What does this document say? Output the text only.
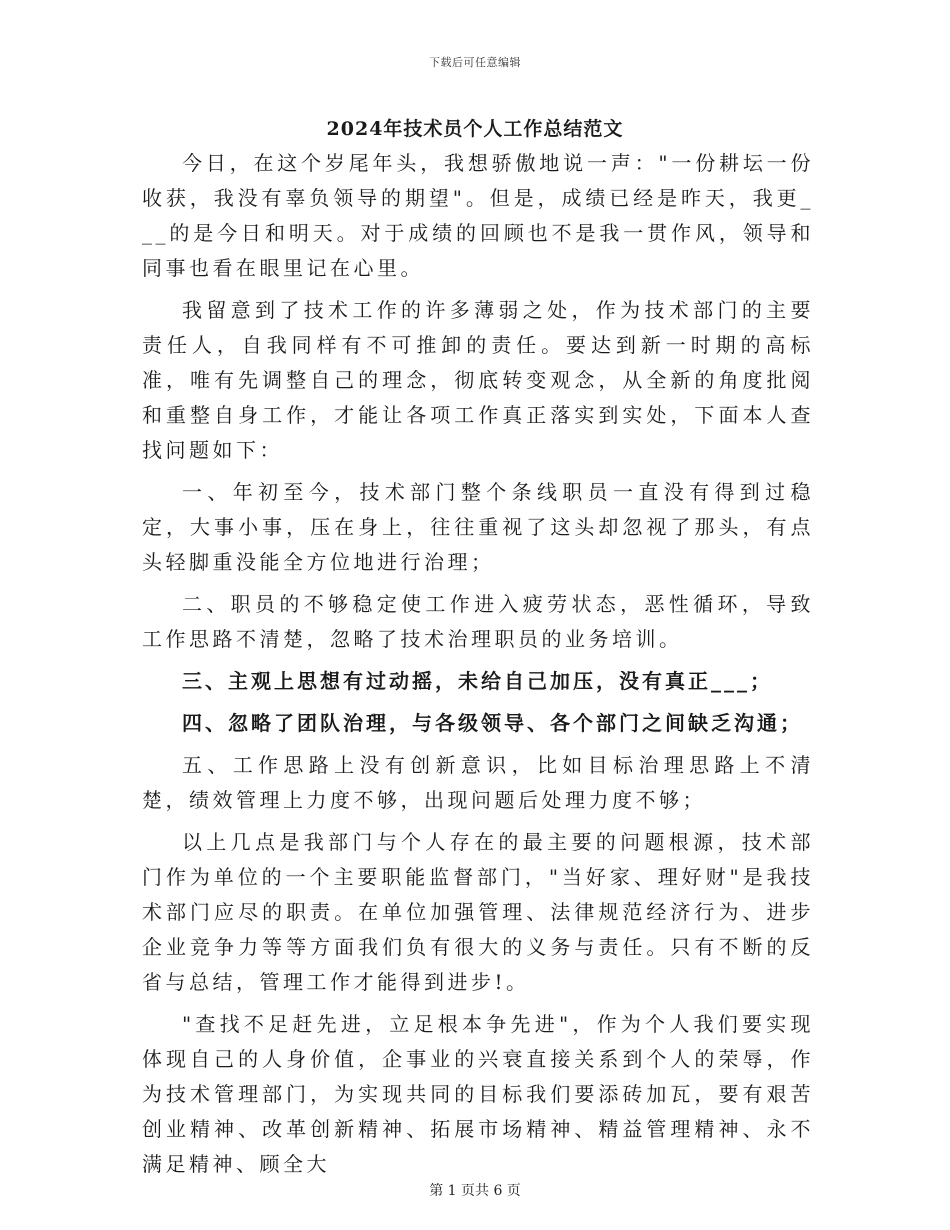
下载后可任意编辑
2024年技术员个人工作总结范文

今日，在这个岁尾年头，我想骄傲地说一声："一份耕坛一份收获，我没有辜负领导的期望"。但是，成绩已经是昨天，我更___的是今日和明天。对于成绩的回顾也不是我一贯作风，领导和同事也看在眼里记在心里。

我留意到了技术工作的许多薄弱之处，作为技术部门的主要责任人，自我同样有不可推卸的责任。要达到新一时期的高标准，唯有先调整自己的理念，彻底转变观念，从全新的角度批阅和重整自身工作，才能让各项工作真正落实到实处，下面本人查找问题如下：

一、年初至今，技术部门整个条线职员一直没有得到过稳定，大事小事，压在身上，往往重视了这头却忽视了那头，有点头轻脚重没能全方位地进行治理；

二、职员的不够稳定使工作进入疲劳状态，恶性循环，导致工作思路不清楚，忽略了技术治理职员的业务培训。

三、主观上思想有过动摇，未给自己加压，没有真正___；

四、忽略了团队治理，与各级领导、各个部门之间缺乏沟通；

五、工作思路上没有创新意识，比如目标治理思路上不清楚，绩效管理上力度不够，出现问题后处理力度不够；

以上几点是我部门与个人存在的最主要的问题根源，技术部门作为单位的一个主要职能监督部门，"当好家、理好财"是我技术部门应尽的职责。在单位加强管理、法律规范经济行为、进步企业竞争力等等方面我们负有很大的义务与责任。只有不断的反省与总结，管理工作才能得到进步!。

"查找不足赶先进，立足根本争先进"，作为个人我们要实现体现自己的人身价值，企事业的兴衰直接关系到个人的荣辱，作为技术管理部门，为实现共同的目标我们要添砖加瓦，要有艰苦创业精神、改革创新精神、拓展市场精神、精益管理精神、永不满足精神、顾全大

第 1 页共 6 页
